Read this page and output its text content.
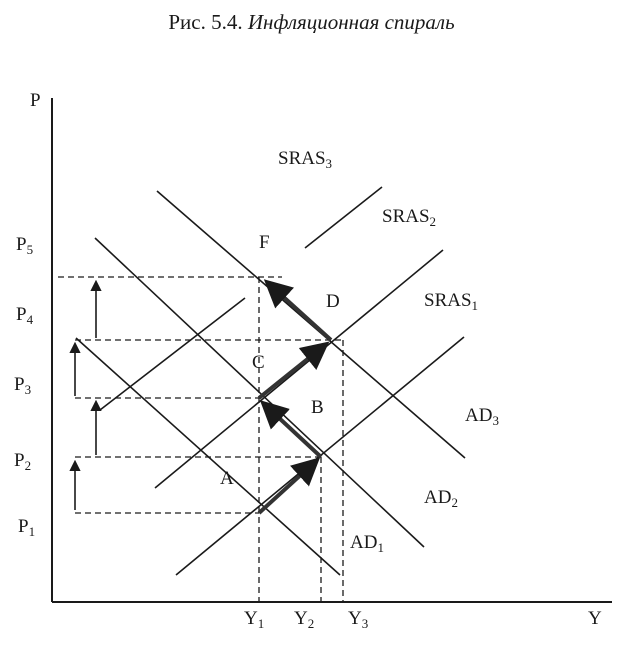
Рис. 5.4. Инфляционная спираль
P
Y
$P_1$
$P_2$
$P_3$
$P_4$
$P_5$
$Y_1$ $Y_2$ $Y_3$
$SRAS_3$
$SRAS_2$
$SRAS_1$
$AD_3$
$AD_2$
$AD_1$
A
B
C
D
F
